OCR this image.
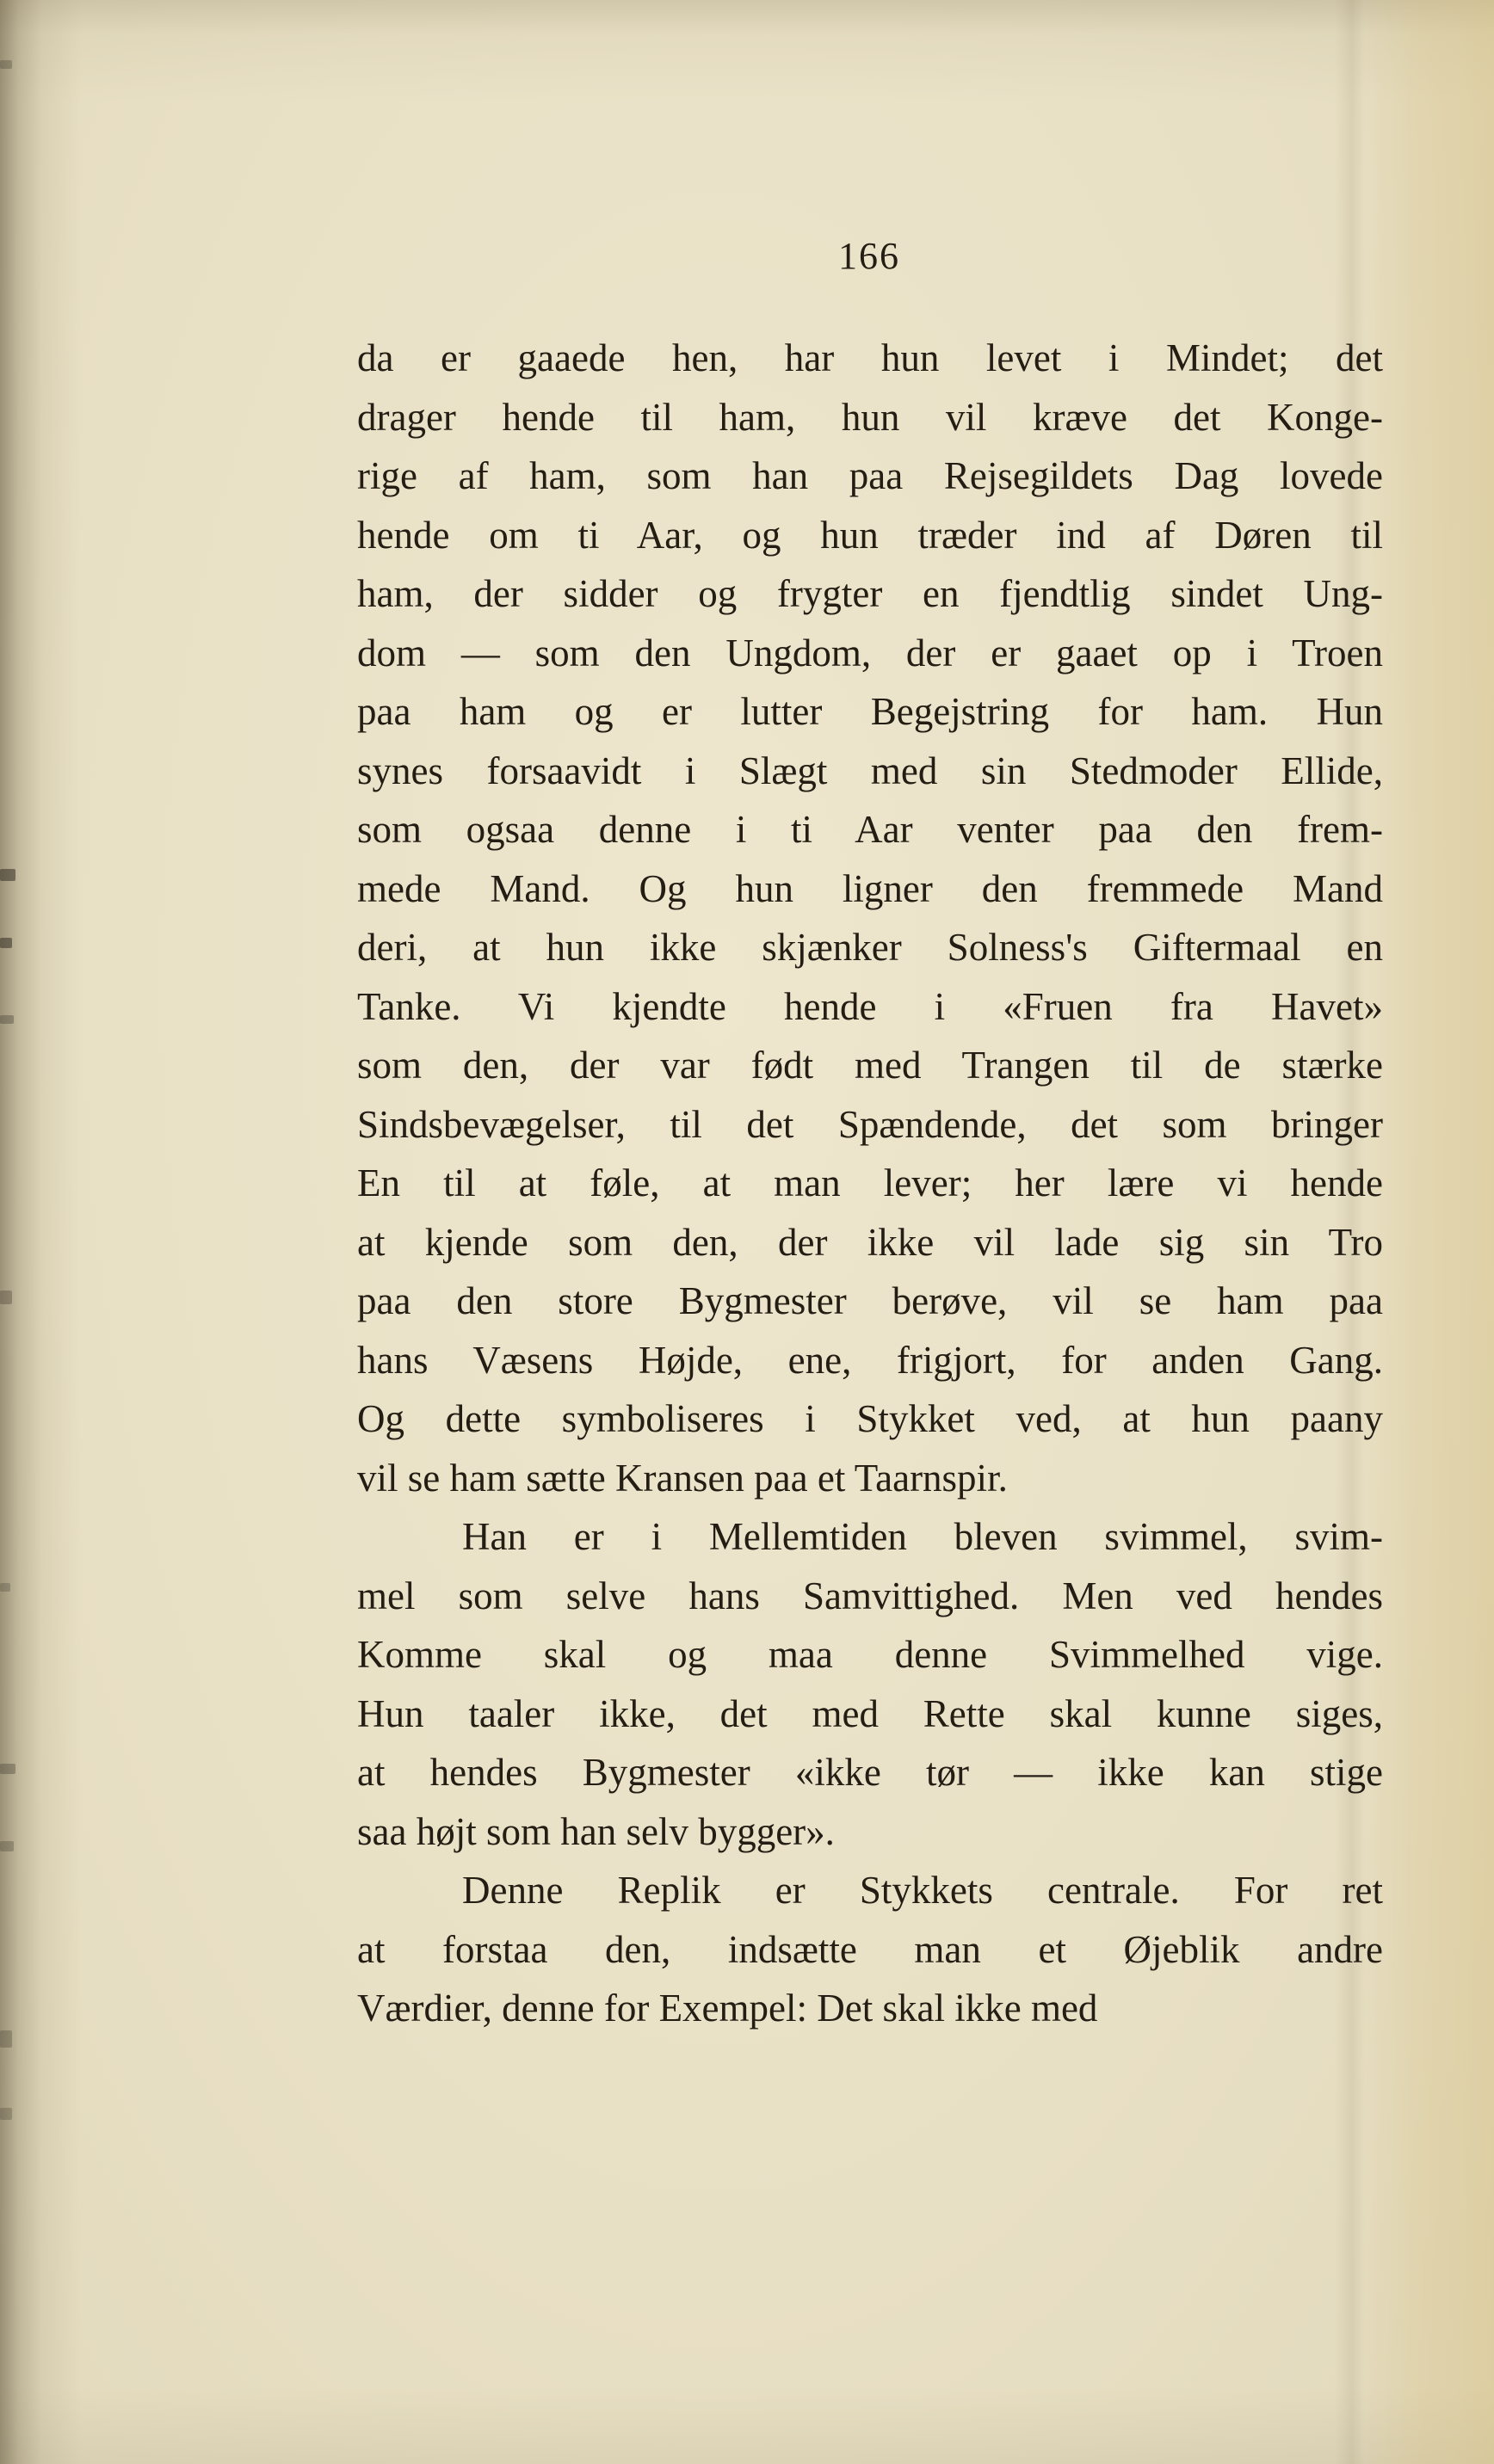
166
da er gaaede hen, har hun levet i Mindet; det
drager hende til ham, hun vil kræve det Konge-
rige af ham, som han paa Rejsegildets Dag lovede
hende om ti Aar, og hun træder ind af Døren til
ham, der sidder og frygter en fjendtlig sindet Ung-
dom — som den Ungdom, der er gaaet op i Troen
paa ham og er lutter Begejstring for ham. Hun
synes forsaavidt i Slægt med sin Stedmoder Ellide,
som ogsaa denne i ti Aar venter paa den frem-
mede Mand. Og hun ligner den fremmede Mand
deri, at hun ikke skjænker Solness's Giftermaal en
Tanke. Vi kjendte hende i «Fruen fra Havet»
som den, der var født med Trangen til de stærke
Sindsbevægelser, til det Spændende, det som bringer
En til at føle, at man lever; her lære vi hende
at kjende som den, der ikke vil lade sig sin Tro
paa den store Bygmester berøve, vil se ham paa
hans Væsens Højde, ene, frigjort, for anden Gang.
Og dette symboliseres i Stykket ved, at hun paany
vil se ham sætte Kransen paa et Taarnspir.
Han er i Mellemtiden bleven svimmel, svim-
mel som selve hans Samvittighed. Men ved hendes
Komme skal og maa denne Svimmelhed vige.
Hun taaler ikke, det med Rette skal kunne siges,
at hendes Bygmester «ikke tør — ikke kan stige
saa højt som han selv bygger».
Denne Replik er Stykkets centrale. For ret
at forstaa den, indsætte man et Øjeblik andre
Værdier, denne for Exempel: Det skal ikke med
